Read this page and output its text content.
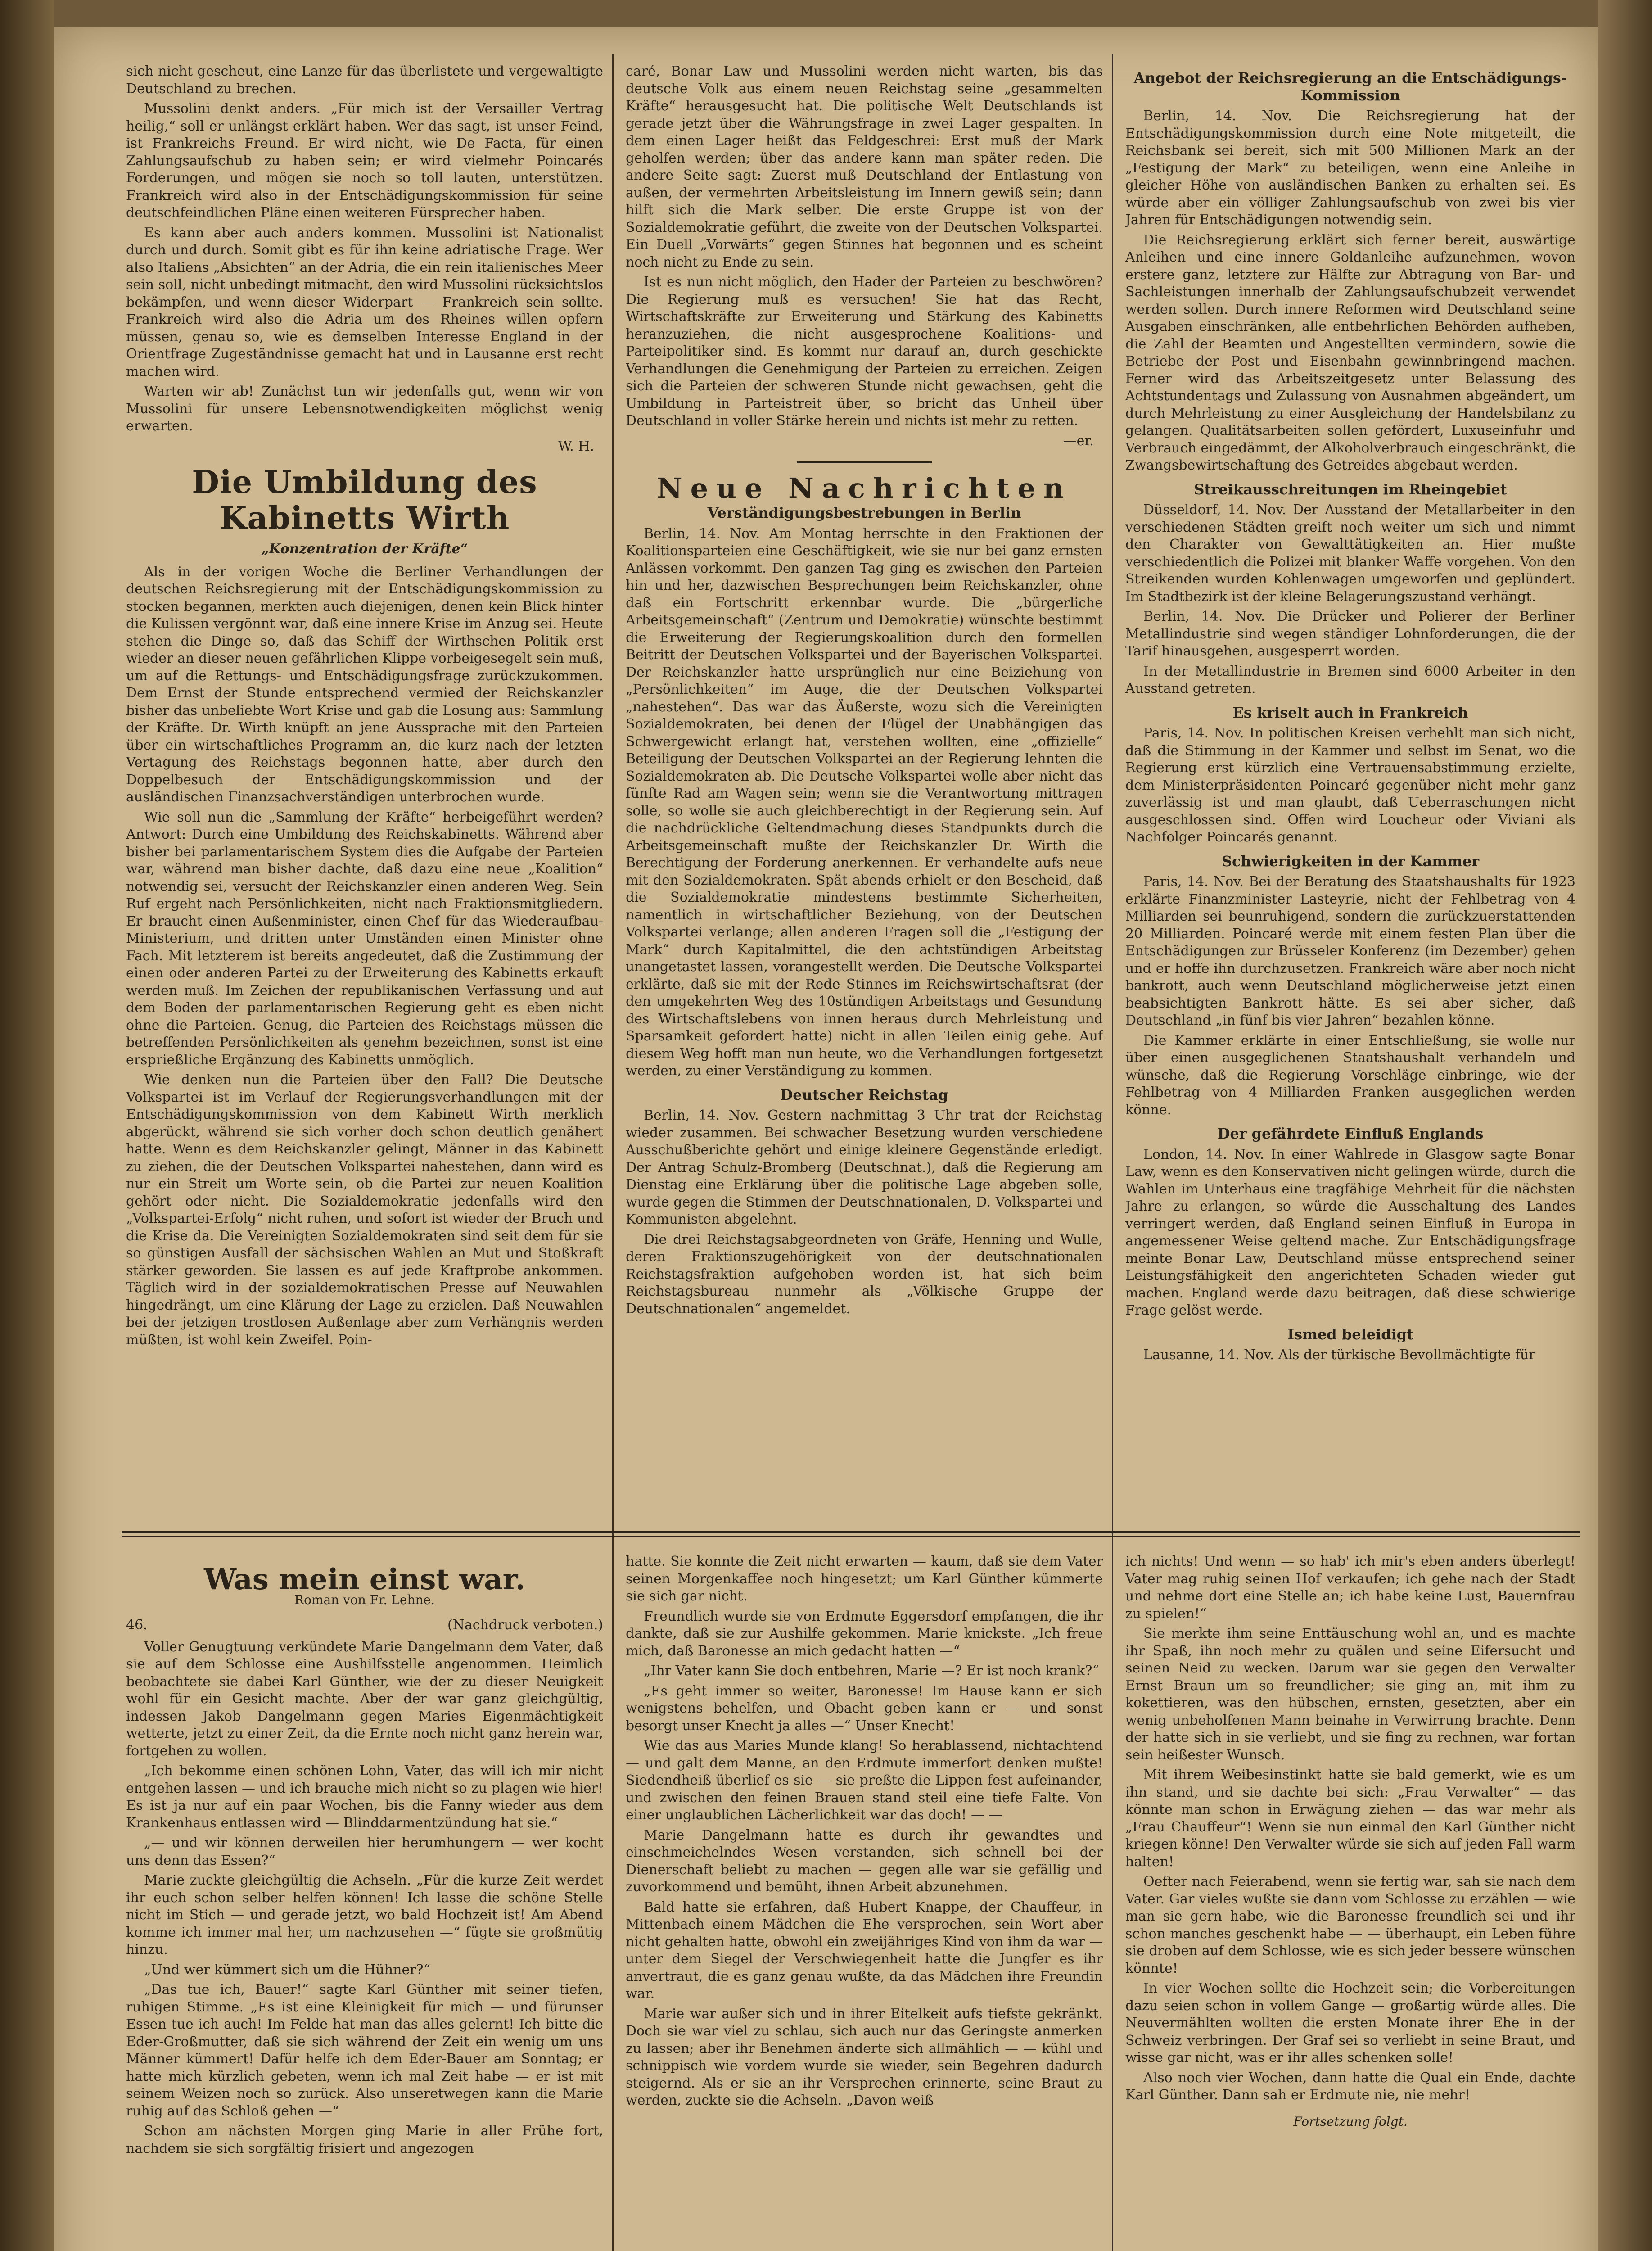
sich nicht gescheut, eine Lanze für das überlistete und vergewaltigte Deutschland zu brechen.

Mussolini denkt anders. „Für mich ist der Versailler Vertrag heilig,“ soll er unlängst erklärt haben. Wer das sagt, ist unser Feind, ist Frankreichs Freund. Er wird nicht, wie De Facta, für einen Zahlungsaufschub zu haben sein; er wird vielmehr Poincarés Forderungen, und mögen sie noch so toll lauten, unterstützen. Frankreich wird also in der Entschädigungskommission für seine deutschfeindlichen Pläne einen weiteren Fürsprecher haben.

Es kann aber auch anders kommen. Mussolini ist Nationalist durch und durch. Somit gibt es für ihn keine adriatische Frage. Wer also Italiens „Absichten“ an der Adria, die ein rein italienisches Meer sein soll, nicht unbedingt mitmacht, den wird Mussolini rücksichtslos bekämpfen, und wenn dieser Widerpart — Frankreich sein sollte. Frankreich wird also die Adria um des Rheines willen opfern müssen, genau so, wie es demselben Interesse England in der Orientfrage Zugeständnisse gemacht hat und in Lausanne erst recht machen wird.

Warten wir ab! Zunächst tun wir jedenfalls gut, wenn wir von Mussolini für unsere Lebensnotwendigkeiten möglichst wenig erwarten.

W. H.
Die Umbildung des Kabinetts Wirth
„Konzentration der Kräfte“

Als in der vorigen Woche die Berliner Verhandlungen der deutschen Reichsregierung mit der Entschädigungskommission zu stocken begannen, merkten auch diejenigen, denen kein Blick hinter die Kulissen vergönnt war, daß eine innere Krise im Anzug sei. Heute stehen die Dinge so, daß das Schiff der Wirthschen Politik erst wieder an dieser neuen gefährlichen Klippe vorbeigesegelt sein muß, um auf die Rettungs- und Entschädigungsfrage zurückzukommen. Dem Ernst der Stunde entsprechend vermied der Reichskanzler bisher das unbeliebte Wort Krise und gab die Losung aus: Sammlung der Kräfte. Dr. Wirth knüpft an jene Aussprache mit den Parteien über ein wirtschaftliches Programm an, die kurz nach der letzten Vertagung des Reichstags begonnen hatte, aber durch den Doppelbesuch der Entschädigungskommission und der ausländischen Finanzsachverständigen unterbrochen wurde.

Wie soll nun die „Sammlung der Kräfte“ herbeigeführt werden? Antwort: Durch eine Umbildung des Reichskabinetts. Während aber bisher bei parlamentarischem System dies die Aufgabe der Parteien war, während man bisher dachte, daß dazu eine neue „Koalition“ notwendig sei, versucht der Reichskanzler einen anderen Weg. Sein Ruf ergeht nach Persönlichkeiten, nicht nach Fraktionsmitgliedern. Er braucht einen Außenminister, einen Chef für das Wiederaufbau-Ministerium, und dritten unter Umständen einen Minister ohne Fach. Mit letzterem ist bereits angedeutet, daß die Zustimmung der einen oder anderen Partei zu der Erweiterung des Kabinetts erkauft werden muß. Im Zeichen der republikanischen Verfassung und auf dem Boden der parlamentarischen Regierung geht es eben nicht ohne die Parteien. Genug, die Parteien des Reichstags müssen die betreffenden Persönlichkeiten als genehm bezeichnen, sonst ist eine ersprießliche Ergänzung des Kabinetts unmöglich.

Wie denken nun die Parteien über den Fall? Die Deutsche Volkspartei ist im Verlauf der Regierungsverhandlungen mit der Entschädigungskommission von dem Kabinett Wirth merklich abgerückt, während sie sich vorher doch schon deutlich genähert hatte. Wenn es dem Reichskanzler gelingt, Männer in das Kabinett zu ziehen, die der Deutschen Volkspartei nahestehen, dann wird es nur ein Streit um Worte sein, ob die Partei zur neuen Koalition gehört oder nicht. Die Sozialdemokratie jedenfalls wird den „Volkspartei-Erfolg“ nicht ruhen, und sofort ist wieder der Bruch und die Krise da. Die Vereinigten Sozialdemokraten sind seit dem für sie so günstigen Ausfall der sächsischen Wahlen an Mut und Stoßkraft stärker geworden. Sie lassen es auf jede Kraftprobe ankommen. Täglich wird in der sozialdemokratischen Presse auf Neuwahlen hingedrängt, um eine Klärung der Lage zu erzielen. Daß Neuwahlen bei der jetzigen trostlosen Außenlage aber zum Verhängnis werden müßten, ist wohl kein Zweifel. Poin-

caré, Bonar Law und Mussolini werden nicht warten, bis das deutsche Volk aus einem neuen Reichstag seine „gesammelten Kräfte“ herausgesucht hat. Die politische Welt Deutschlands ist gerade jetzt über die Währungsfrage in zwei Lager gespalten. In dem einen Lager heißt das Feldgeschrei: Erst muß der Mark geholfen werden; über das andere kann man später reden. Die andere Seite sagt: Zuerst muß Deutschland der Entlastung von außen, der vermehrten Arbeitsleistung im Innern gewiß sein; dann hilft sich die Mark selber. Die erste Gruppe ist von der Sozialdemokratie geführt, die zweite von der Deutschen Volkspartei. Ein Duell „Vorwärts“ gegen Stinnes hat begonnen und es scheint noch nicht zu Ende zu sein.

Ist es nun nicht möglich, den Hader der Parteien zu beschwören? Die Regierung muß es versuchen! Sie hat das Recht, Wirtschaftskräfte zur Erweiterung und Stärkung des Kabinetts heranzuziehen, die nicht ausgesprochene Koalitions- und Parteipolitiker sind. Es kommt nur darauf an, durch geschickte Verhandlungen die Genehmigung der Parteien zu erreichen. Zeigen sich die Parteien der schweren Stunde nicht gewachsen, geht die Umbildung in Parteistreit über, so bricht das Unheil über Deutschland in voller Stärke herein und nichts ist mehr zu retten.

—er.
Neue Nachrichten
Verständigungsbestrebungen in Berlin

Berlin, 14. Nov. Am Montag herrschte in den Fraktionen der Koalitionsparteien eine Geschäftigkeit, wie sie nur bei ganz ernsten Anlässen vorkommt. Den ganzen Tag ging es zwischen den Parteien hin und her, dazwischen Besprechungen beim Reichskanzler, ohne daß ein Fortschritt erkennbar wurde. Die „bürgerliche Arbeitsgemeinschaft“ (Zentrum und Demokratie) wünschte bestimmt die Erweiterung der Regierungskoalition durch den formellen Beitritt der Deutschen Volkspartei und der Bayerischen Volkspartei. Der Reichskanzler hatte ursprünglich nur eine Beiziehung von „Persönlichkeiten“ im Auge, die der Deutschen Volkspartei „nahestehen“. Das war das Äußerste, wozu sich die Vereinigten Sozialdemokraten, bei denen der Flügel der Unabhängigen das Schwergewicht erlangt hat, verstehen wollten, eine „offizielle“ Beteiligung der Deutschen Volkspartei an der Regierung lehnten die Sozialdemokraten ab. Die Deutsche Volkspartei wolle aber nicht das fünfte Rad am Wagen sein; wenn sie die Verantwortung mittragen solle, so wolle sie auch gleichberechtigt in der Regierung sein. Auf die nachdrückliche Geltendmachung dieses Standpunkts durch die Arbeitsgemeinschaft mußte der Reichskanzler Dr. Wirth die Berechtigung der Forderung anerkennen. Er verhandelte aufs neue mit den Sozialdemokraten. Spät abends erhielt er den Bescheid, daß die Sozialdemokratie mindestens bestimmte Sicherheiten, namentlich in wirtschaftlicher Beziehung, von der Deutschen Volkspartei verlange; allen anderen Fragen soll die „Festigung der Mark“ durch Kapitalmittel, die den achtstündigen Arbeitstag unangetastet lassen, vorangestellt werden. Die Deutsche Volkspartei erklärte, daß sie mit der Rede Stinnes im Reichswirtschaftsrat (der den umgekehrten Weg des 10stündigen Arbeitstags und Gesundung des Wirtschaftslebens von innen heraus durch Mehrleistung und Sparsamkeit gefordert hatte) nicht in allen Teilen einig gehe. Auf diesem Weg hofft man nun heute, wo die Verhandlungen fortgesetzt werden, zu einer Verständigung zu kommen.

Deutscher Reichstag

Berlin, 14. Nov. Gestern nachmittag 3 Uhr trat der Reichstag wieder zusammen. Bei schwacher Besetzung wurden verschiedene Ausschußberichte gehört und einige kleinere Gegenstände erledigt. Der Antrag Schulz-Bromberg (Deutschnat.), daß die Regierung am Dienstag eine Erklärung über die politische Lage abgeben solle, wurde gegen die Stimmen der Deutschnationalen, D. Volkspartei und Kommunisten abgelehnt.

Die drei Reichstagsabgeordneten von Gräfe, Henning und Wulle, deren Fraktionszugehörigkeit von der deutschnationalen Reichstagsfraktion aufgehoben worden ist, hat sich beim Reichstagsbureau nunmehr als „Völkische Gruppe der Deutschnationalen“ angemeldet.

Angebot der Reichsregierung an die Entschädigungs-Kommission

Berlin, 14. Nov. Die Reichsregierung hat der Entschädigungskommission durch eine Note mitgeteilt, die Reichsbank sei bereit, sich mit 500 Millionen Mark an der „Festigung der Mark“ zu beteiligen, wenn eine Anleihe in gleicher Höhe von ausländischen Banken zu erhalten sei. Es würde aber ein völliger Zahlungsaufschub von zwei bis vier Jahren für Entschädigungen notwendig sein.

Die Reichsregierung erklärt sich ferner bereit, auswärtige Anleihen und eine innere Goldanleihe aufzunehmen, wovon erstere ganz, letztere zur Hälfte zur Abtragung von Bar- und Sachleistungen innerhalb der Zahlungsaufschubzeit verwendet werden sollen. Durch innere Reformen wird Deutschland seine Ausgaben einschränken, alle entbehrlichen Behörden aufheben, die Zahl der Beamten und Angestellten vermindern, sowie die Betriebe der Post und Eisenbahn gewinnbringend machen. Ferner wird das Arbeitszeitgesetz unter Belassung des Achtstundentags und Zulassung von Ausnahmen abgeändert, um durch Mehrleistung zu einer Ausgleichung der Handelsbilanz zu gelangen. Qualitätsarbeiten sollen gefördert, Luxuseinfuhr und Verbrauch eingedämmt, der Alkoholverbrauch eingeschränkt, die Zwangsbewirtschaftung des Getreides abgebaut werden.

Streikausschreitungen im Rheingebiet

Düsseldorf, 14. Nov. Der Ausstand der Metallarbeiter in den verschiedenen Städten greift noch weiter um sich und nimmt den Charakter von Gewalttätigkeiten an. Hier mußte verschiedentlich die Polizei mit blanker Waffe vorgehen. Von den Streikenden wurden Kohlenwagen umgeworfen und geplündert. Im Stadtbezirk ist der kleine Belagerungszustand verhängt.

Berlin, 14. Nov. Die Drücker und Polierer der Berliner Metallindustrie sind wegen ständiger Lohnforderungen, die der Tarif hinausgehen, ausgesperrt worden.

In der Metallindustrie in Bremen sind 6000 Arbeiter in den Ausstand getreten.

Es kriselt auch in Frankreich

Paris, 14. Nov. In politischen Kreisen verhehlt man sich nicht, daß die Stimmung in der Kammer und selbst im Senat, wo die Regierung erst kürzlich eine Vertrauensabstimmung erzielte, dem Ministerpräsidenten Poincaré gegenüber nicht mehr ganz zuverlässig ist und man glaubt, daß Ueberraschungen nicht ausgeschlossen sind. Offen wird Loucheur oder Viviani als Nachfolger Poincarés genannt.

Schwierigkeiten in der Kammer

Paris, 14. Nov. Bei der Beratung des Staatshaushalts für 1923 erklärte Finanzminister Lasteyrie, nicht der Fehlbetrag von 4 Milliarden sei beunruhigend, sondern die zurückzuerstattenden 20 Milliarden. Poincaré werde mit einem festen Plan über die Entschädigungen zur Brüsseler Konferenz (im Dezember) gehen und er hoffe ihn durchzusetzen. Frankreich wäre aber noch nicht bankrott, auch wenn Deutschland möglicherweise jetzt einen beabsichtigten Bankrott hätte. Es sei aber sicher, daß Deutschland „in fünf bis vier Jahren“ bezahlen könne.

Die Kammer erklärte in einer Entschließung, sie wolle nur über einen ausgeglichenen Staatshaushalt verhandeln und wünsche, daß die Regierung Vorschläge einbringe, wie der Fehlbetrag von 4 Milliarden Franken ausgeglichen werden könne.

Der gefährdete Einfluß Englands

London, 14. Nov. In einer Wahlrede in Glasgow sagte Bonar Law, wenn es den Konservativen nicht gelingen würde, durch die Wahlen im Unterhaus eine tragfähige Mehrheit für die nächsten Jahre zu erlangen, so würde die Ausschaltung des Landes verringert werden, daß England seinen Einfluß in Europa in angemessener Weise geltend mache. Zur Entschädigungsfrage meinte Bonar Law, Deutschland müsse entsprechend seiner Leistungsfähigkeit den angerichteten Schaden wieder gut machen. England werde dazu beitragen, daß diese schwierige Frage gelöst werde.

Ismed beleidigt

Lausanne, 14. Nov. Als der türkische Bevollmächtigte für

Was mein einst war.
Roman von Fr. Lehne.
46.	(Nachdruck verboten.)

Voller Genugtuung verkündete Marie Dangelmann dem Vater, daß sie auf dem Schlosse eine Aushilfsstelle angenommen. Heimlich beobachtete sie dabei Karl Günther, wie der zu dieser Neuigkeit wohl für ein Gesicht machte. Aber der war ganz gleichgültig, indessen Jakob Dangelmann gegen Maries Eigenmächtigkeit wetterte, jetzt zu einer Zeit, da die Ernte noch nicht ganz herein war, fortgehen zu wollen.

„Ich bekomme einen schönen Lohn, Vater, das will ich mir nicht entgehen lassen — und ich brauche mich nicht so zu plagen wie hier! Es ist ja nur auf ein paar Wochen, bis die Fanny wieder aus dem Krankenhaus entlassen wird — Blinddarmentzündung hat sie.“

„— und wir können derweilen hier herumhungern — wer kocht uns denn das Essen?“

Marie zuckte gleichgültig die Achseln. „Für die kurze Zeit werdet ihr euch schon selber helfen können! Ich lasse die schöne Stelle nicht im Stich — und gerade jetzt, wo bald Hochzeit ist! Am Abend komme ich immer mal her, um nachzusehen —“ fügte sie großmütig hinzu.

„Und wer kümmert sich um die Hühner?“

„Das tue ich, Bauer!“ sagte Karl Günther mit seiner tiefen, ruhigen Stimme. „Es ist eine Kleinigkeit für mich — und fürunser Essen tue ich auch! Im Felde hat man das alles gelernt! Ich bitte die Eder-Großmutter, daß sie sich während der Zeit ein wenig um uns Männer kümmert! Dafür helfe ich dem Eder-Bauer am Sonntag; er hatte mich kürzlich gebeten, wenn ich mal Zeit habe — er ist mit seinem Weizen noch so zurück. Also unseretwegen kann die Marie ruhig auf das Schloß gehen —“

Schon am nächsten Morgen ging Marie in aller Frühe fort, nachdem sie sich sorgfältig frisiert und angezogen

hatte. Sie konnte die Zeit nicht erwarten — kaum, daß sie dem Vater seinen Morgenkaffee noch hingesetzt; um Karl Günther kümmerte sie sich gar nicht.

Freundlich wurde sie von Erdmute Eggersdorf empfangen, die ihr dankte, daß sie zur Aushilfe gekommen. Marie knickste. „Ich freue mich, daß Baronesse an mich gedacht hatten —“

„Ihr Vater kann Sie doch entbehren, Marie —? Er ist noch krank?“

„Es geht immer so weiter, Baronesse! Im Hause kann er sich wenigstens behelfen, und Obacht geben kann er — und sonst besorgt unser Knecht ja alles —“ Unser Knecht!

Wie das aus Maries Munde klang! So herablassend, nichtachtend — und galt dem Manne, an den Erdmute immerfort denken mußte! Siedendheiß überlief es sie — sie preßte die Lippen fest aufeinander, und zwischen den feinen Brauen stand steil eine tiefe Falte. Von einer unglaublichen Lächerlichkeit war das doch! — —

Marie Dangelmann hatte es durch ihr gewandtes und einschmeichelndes Wesen verstanden, sich schnell bei der Dienerschaft beliebt zu machen — gegen alle war sie gefällig und zuvorkommend und bemüht, ihnen Arbeit abzunehmen.

Bald hatte sie erfahren, daß Hubert Knappe, der Chauffeur, in Mittenbach einem Mädchen die Ehe versprochen, sein Wort aber nicht gehalten hatte, obwohl ein zweijähriges Kind von ihm da war — unter dem Siegel der Verschwiegenheit hatte die Jungfer es ihr anvertraut, die es ganz genau wußte, da das Mädchen ihre Freundin war.

Marie war außer sich und in ihrer Eitelkeit aufs tiefste gekränkt. Doch sie war viel zu schlau, sich auch nur das Geringste anmerken zu lassen; aber ihr Benehmen änderte sich allmählich — — kühl und schnippisch wie vordem wurde sie wieder, sein Begehren dadurch steigernd. Als er sie an ihr Versprechen erinnerte, seine Braut zu werden, zuckte sie die Achseln. „Davon weiß

ich nichts! Und wenn — so hab' ich mir's eben anders überlegt! Vater mag ruhig seinen Hof verkaufen; ich gehe nach der Stadt und nehme dort eine Stelle an; ich habe keine Lust, Bauernfrau zu spielen!“

Sie merkte ihm seine Enttäuschung wohl an, und es machte ihr Spaß, ihn noch mehr zu quälen und seine Eifersucht und seinen Neid zu wecken. Darum war sie gegen den Verwalter Ernst Braun um so freundlicher; sie ging an, mit ihm zu kokettieren, was den hübschen, ernsten, gesetzten, aber ein wenig unbeholfenen Mann beinahe in Verwirrung brachte. Denn der hatte sich in sie verliebt, und sie fing zu rechnen, war fortan sein heißester Wunsch.

Mit ihrem Weibesinstinkt hatte sie bald gemerkt, wie es um ihn stand, und sie dachte bei sich: „Frau Verwalter“ — das könnte man schon in Erwägung ziehen — das war mehr als „Frau Chauffeur“! Wenn sie nun einmal den Karl Günther nicht kriegen könne! Den Verwalter würde sie sich auf jeden Fall warm halten!

Oefter nach Feierabend, wenn sie fertig war, sah sie nach dem Vater. Gar vieles wußte sie dann vom Schlosse zu erzählen — wie man sie gern habe, wie die Baronesse freundlich sei und ihr schon manches geschenkt habe — — überhaupt, ein Leben führe sie droben auf dem Schlosse, wie es sich jeder bessere wünschen könnte!

In vier Wochen sollte die Hochzeit sein; die Vorbereitungen dazu seien schon in vollem Gange — großartig würde alles. Die Neuvermählten wollten die ersten Monate ihrer Ehe in der Schweiz verbringen. Der Graf sei so verliebt in seine Braut, und wisse gar nicht, was er ihr alles schenken solle!

Also noch vier Wochen, dann hatte die Qual ein Ende, dachte Karl Günther. Dann sah er Erdmute nie, nie mehr!

Fortsetzung folgt.
